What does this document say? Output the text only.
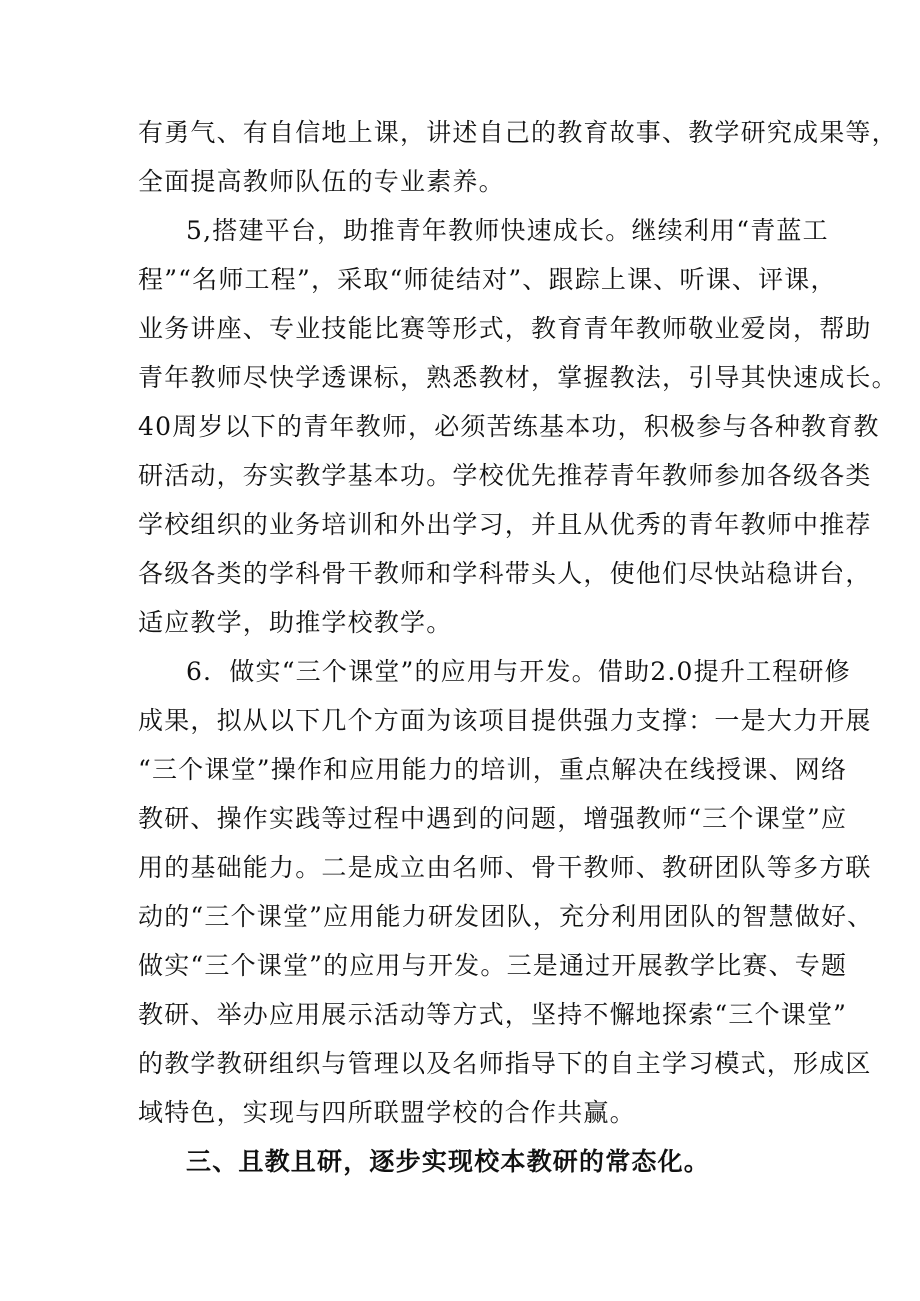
有勇气、有自信地上课，讲述自己的教育故事、教学研究成果等，
全面提高教师队伍的专业素养。
5,搭建平台，助推青年教师快速成长。继续利用“青蓝工
程”“名师工程”，采取“师徒结对”、跟踪上课、听课、评课，
业务讲座、专业技能比赛等形式，教育青年教师敬业爱岗，帮助
青年教师尽快学透课标，熟悉教材，掌握教法，引导其快速成长。
40周岁以下的青年教师，必须苦练基本功，积极参与各种教育教
研活动，夯实教学基本功。学校优先推荐青年教师参加各级各类
学校组织的业务培训和外出学习，并且从优秀的青年教师中推荐
各级各类的学科骨干教师和学科带头人，使他们尽快站稳讲台，
适应教学，助推学校教学。
6．做实“三个课堂”的应用与开发。借助2.0提升工程研修
成果，拟从以下几个方面为该项目提供强力支撑：一是大力开展
“三个课堂”操作和应用能力的培训，重点解决在线授课、网络
教研、操作实践等过程中遇到的问题，增强教师“三个课堂”应
用的基础能力。二是成立由名师、骨干教师、教研团队等多方联
动的“三个课堂”应用能力研发团队，充分利用团队的智慧做好、
做实“三个课堂”的应用与开发。三是通过开展教学比赛、专题
教研、举办应用展示活动等方式，坚持不懈地探索“三个课堂”
的教学教研组织与管理以及名师指导下的自主学习模式，形成区
域特色，实现与四所联盟学校的合作共赢。
三、且教且研，逐步实现校本教研的常态化。
